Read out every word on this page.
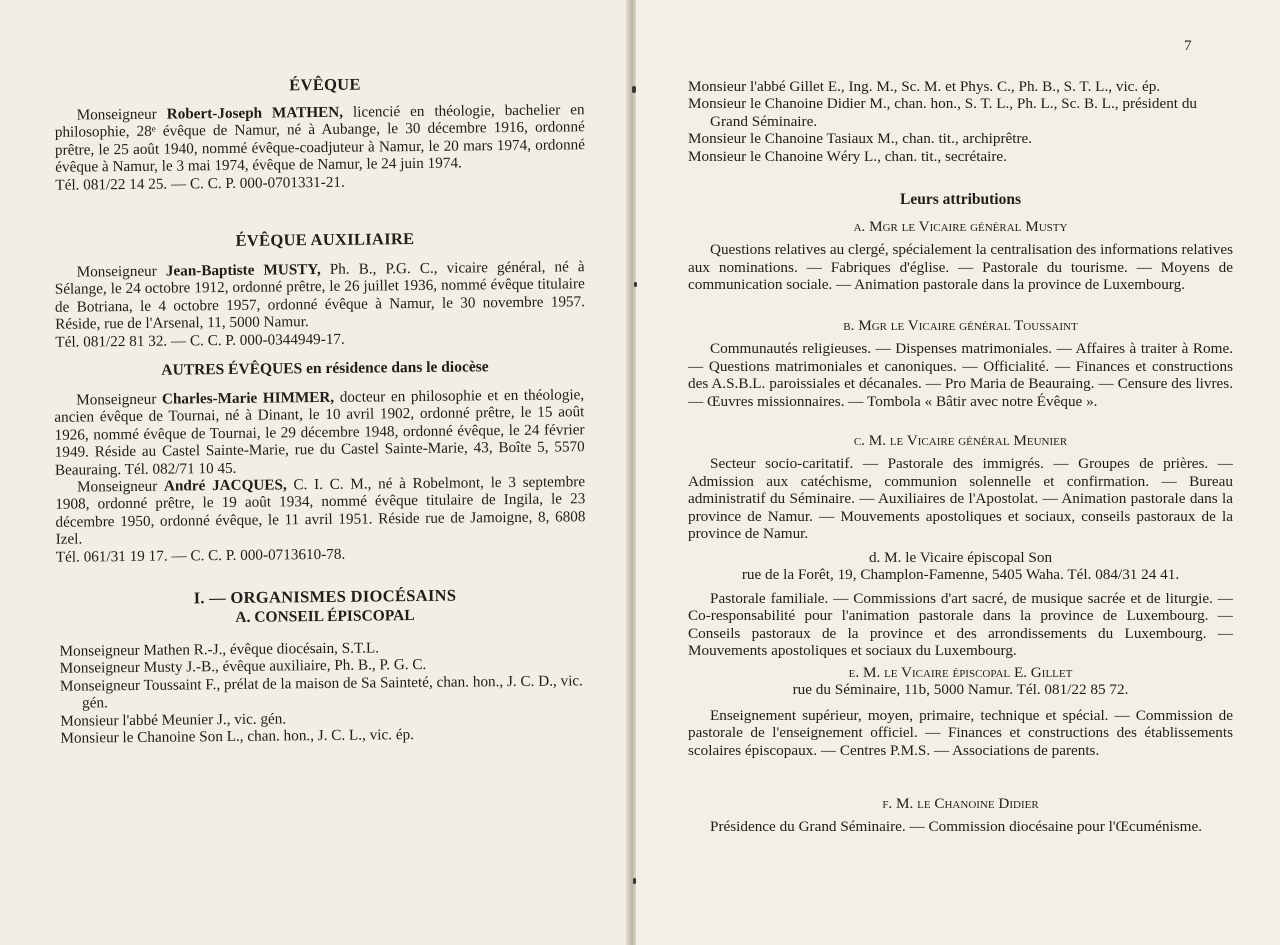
ÉVÊQUE

Monseigneur Robert-Joseph MATHEN, licencié en théologie, bachelier en philosophie, 28ᵉ évêque de Namur, né à Aubange, le 30 décembre 1916, ordonné prêtre, le 25 août 1940, nommé évêque-coadjuteur à Namur, le 20 mars 1974, ordonné évêque à Namur, le 3 mai 1974, évêque de Namur, le 24 juin 1974.

Tél. 081/22 14 25. — C. C. P. 000-0701331-21.

ÉVÊQUE AUXILIAIRE

Monseigneur Jean-Baptiste MUSTY, Ph. B., P.G. C., vicaire général, né à Sélange, le 24 octobre 1912, ordonné prêtre, le 26 juillet 1936, nommé évêque titulaire de Botriana, le 4 octobre 1957, ordonné évêque à Namur, le 30 novembre 1957. Réside, rue de l'Arsenal, 11, 5000 Namur.

Tél. 081/22 81 32. — C. C. P. 000-0344949-17.

AUTRES ÉVÊQUES en résidence dans le diocèse

Monseigneur Charles-Marie HIMMER, docteur en philosophie et en théologie, ancien évêque de Tournai, né à Dinant, le 10 avril 1902, ordonné prêtre, le 15 août 1926, nommé évêque de Tournai, le 29 décembre 1948, ordonné évêque, le 24 février 1949. Réside au Castel Sainte-Marie, rue du Castel Sainte-Marie, 43, Boîte 5, 5570 Beauraing. Tél. 082/71 10 45.

Monseigneur André JACQUES, C. I. C. M., né à Robelmont, le 3 septembre 1908, ordonné prêtre, le 19 août 1934, nommé évêque titulaire de Ingila, le 23 décembre 1950, ordonné évêque, le 11 avril 1951. Réside rue de Jamoigne, 8, 6808 Izel.

Tél. 061/31 19 17. — C. C. P. 000-0713610-78.

I. — ORGANISMES DIOCÉSAINS
A. CONSEIL ÉPISCOPAL

Monseigneur Mathen R.-J., évêque diocésain, S.T.L.

Monseigneur Musty J.-B., évêque auxiliaire, Ph. B., P. G. C.

Monseigneur Toussaint F., prélat de la maison de Sa Sainteté, chan. hon., J. C. D., vic. gén.

Monsieur l'abbé Meunier J., vic. gén.

Monsieur le Chanoine Son L., chan. hon., J. C. L., vic. ép.

7

Monsieur l'abbé Gillet E., Ing. M., Sc. M. et Phys. C., Ph. B., S. T. L., vic. ép.

Monsieur le Chanoine Didier M., chan. hon., S. T. L., Ph. L., Sc. B. L., président du Grand Séminaire.

Monsieur le Chanoine Tasiaux M., chan. tit., archiprêtre.

Monsieur le Chanoine Wéry L., chan. tit., secrétaire.

Leurs attributions

a. Mgr le Vicaire général Musty

Questions relatives au clergé, spécialement la centralisation des informations relatives aux nominations. — Fabriques d'église. — Pastorale du tourisme. — Moyens de communication sociale. — Animation pastorale dans la province de Luxembourg.

b. Mgr le Vicaire général Toussaint

Communautés religieuses. — Dispenses matrimoniales. — Affaires à traiter à Rome. — Questions matrimoniales et canoniques. — Officialité. — Finances et constructions des A.S.B.L. paroissiales et décanales. — Pro Maria de Beauraing. — Censure des livres. — Œuvres missionnaires. — Tombola « Bâtir avec notre Évêque ».

c. M. le Vicaire général Meunier

Secteur socio-caritatif. — Pastorale des immigrés. — Groupes de prières. — Admission aux catéchisme, communion solennelle et confirmation. — Bureau administratif du Séminaire. — Auxiliaires de l'Apostolat. — Animation pastorale dans la province de Namur. — Mouvements apostoliques et sociaux, conseils pastoraux de la province de Namur.

d. M. le Vicaire épiscopal Son

rue de la Forêt, 19, Champlon-Famenne, 5405 Waha. Tél. 084/31 24 41.

Pastorale familiale. — Commissions d'art sacré, de musique sacrée et de liturgie. — Co-responsabilité pour l'animation pastorale dans la province de Luxembourg. — Conseils pastoraux de la province et des arrondissements du Luxembourg. — Mouvements apostoliques et sociaux du Luxembourg.

e. M. le Vicaire épiscopal E. Gillet

rue du Séminaire, 11b, 5000 Namur. Tél. 081/22 85 72.

Enseignement supérieur, moyen, primaire, technique et spécial. — Commission de pastorale de l'enseignement officiel. — Finances et constructions des établissements scolaires épiscopaux. — Centres P.M.S. — Associations de parents.

f. M. le Chanoine Didier

Présidence du Grand Séminaire. — Commission diocésaine pour l'Œcuménisme.
